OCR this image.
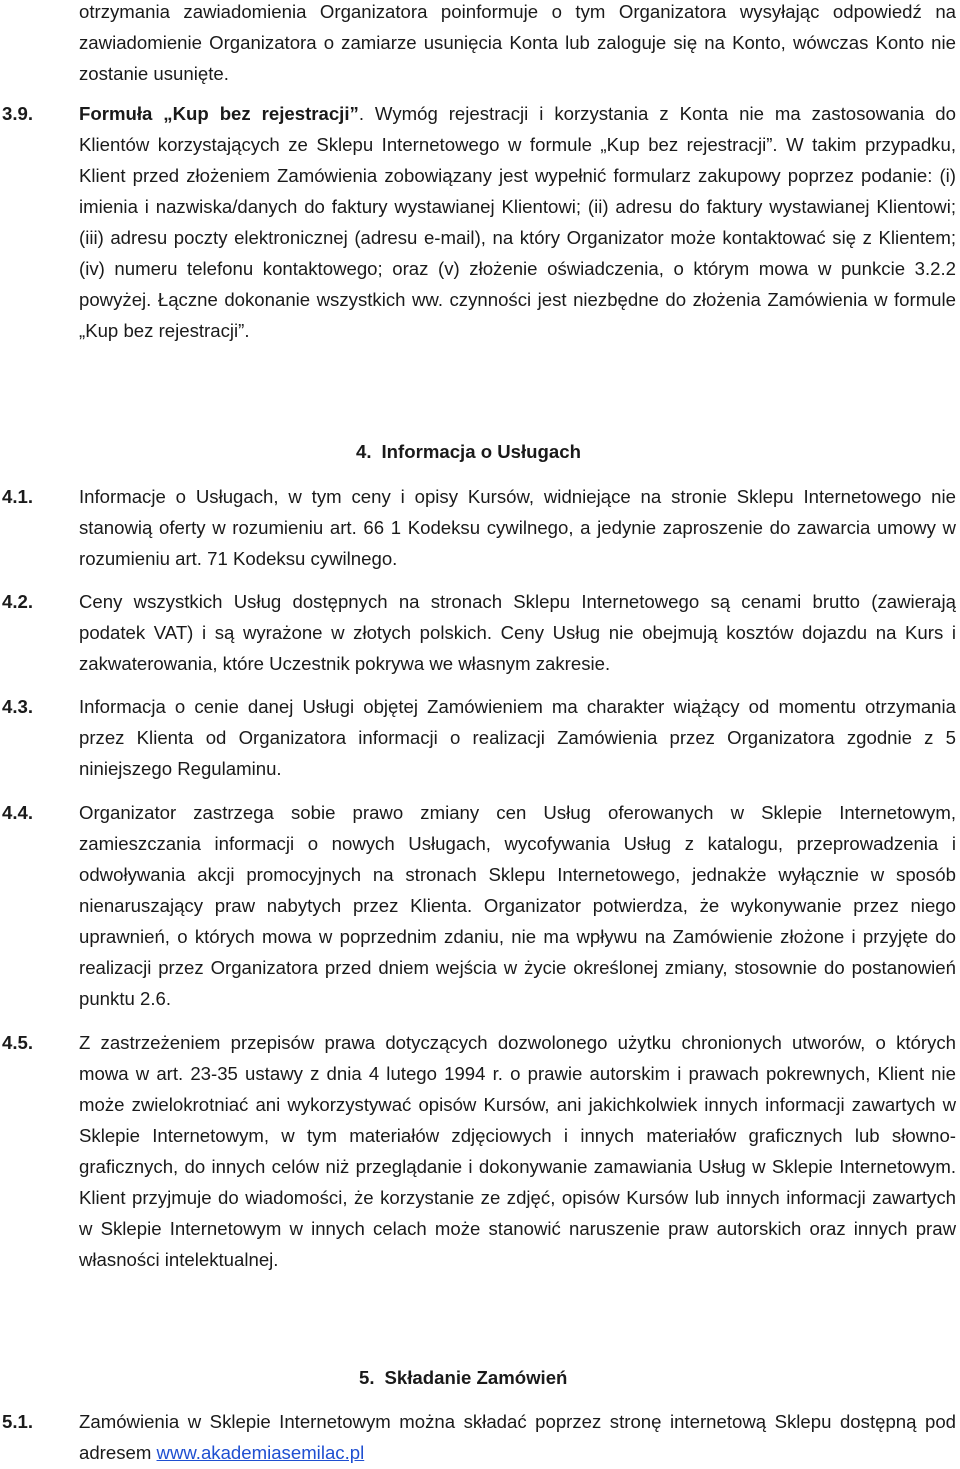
otrzymania zawiadomienia Organizatora poinformuje o tym Organizatora wysyłając odpowiedź na zawiadomienie Organizatora o zamiarze usunięcia Konta lub zaloguje się na Konto, wówczas Konto nie zostanie usunięte.

3.9. Formuła „Kup bez rejestracji”. Wymóg rejestracji i korzystania z Konta nie ma zastosowania do Klientów korzystających ze Sklepu Internetowego w formule „Kup bez rejestracji”. W takim przypadku, Klient przed złożeniem Zamówienia zobowiązany jest wypełnić formularz zakupowy poprzez podanie: (i) imienia i nazwiska/danych do faktury wystawianej Klientowi; (ii) adresu do faktury wystawianej Klientowi; (iii) adresu poczty elektronicznej (adresu e-mail), na który Organizator może kontaktować się z Klientem; (iv) numeru telefonu kontaktowego; oraz (v) złożenie oświadczenia, o którym mowa w punkcie 3.2.2 powyżej. Łączne dokonanie wszystkich ww. czynności jest niezbędne do złożenia Zamówienia w formule „Kup bez rejestracji”.

4. Informacja o Usługach

4.1. Informacje o Usługach, w tym ceny i opisy Kursów, widniejące na stronie Sklepu Internetowego nie stanowią oferty w rozumieniu art. 66 1 Kodeksu cywilnego, a jedynie zaproszenie do zawarcia umowy w rozumieniu art. 71 Kodeksu cywilnego.

4.2. Ceny wszystkich Usług dostępnych na stronach Sklepu Internetowego są cenami brutto (zawierają podatek VAT) i są wyrażone w złotych polskich. Ceny Usług nie obejmują kosztów dojazdu na Kurs i zakwaterowania, które Uczestnik pokrywa we własnym zakresie.

4.3. Informacja o cenie danej Usługi objętej Zamówieniem ma charakter wiążący od momentu otrzymania przez Klienta od Organizatora informacji o realizacji Zamówienia przez Organizatora zgodnie z 5 niniejszego Regulaminu.

4.4. Organizator zastrzega sobie prawo zmiany cen Usług oferowanych w Sklepie Internetowym, zamieszczania informacji o nowych Usługach, wycofywania Usług z katalogu, przeprowadzenia i odwoływania akcji promocyjnych na stronach Sklepu Internetowego, jednakże wyłącznie w sposób nienaruszający praw nabytych przez Klienta. Organizator potwierdza, że wykonywanie przez niego uprawnień, o których mowa w poprzednim zdaniu, nie ma wpływu na Zamówienie złożone i przyjęte do realizacji przez Organizatora przed dniem wejścia w życie określonej zmiany, stosownie do postanowień punktu 2.6.

4.5. Z zastrzeżeniem przepisów prawa dotyczących dozwolonego użytku chronionych utworów, o których mowa w art. 23-35 ustawy z dnia 4 lutego 1994 r. o prawie autorskim i prawach pokrewnych, Klient nie może zwielokrotniać ani wykorzystywać opisów Kursów, ani jakichkolwiek innych informacji zawartych w Sklepie Internetowym, w tym materiałów zdjęciowych i innych materiałów graficznych lub słowno-graficznych, do innych celów niż przeglądanie i dokonywanie zamawiania Usług w Sklepie Internetowym. Klient przyjmuje do wiadomości, że korzystanie ze zdjęć, opisów Kursów lub innych informacji zawartych w Sklepie Internetowym w innych celach może stanowić naruszenie praw autorskich oraz innych praw własności intelektualnej.

5. Składanie Zamówień

5.1. Zamówienia w Sklepie Internetowym można składać poprzez stronę internetową Sklepu dostępną pod adresem www.akademiasemilac.pl
